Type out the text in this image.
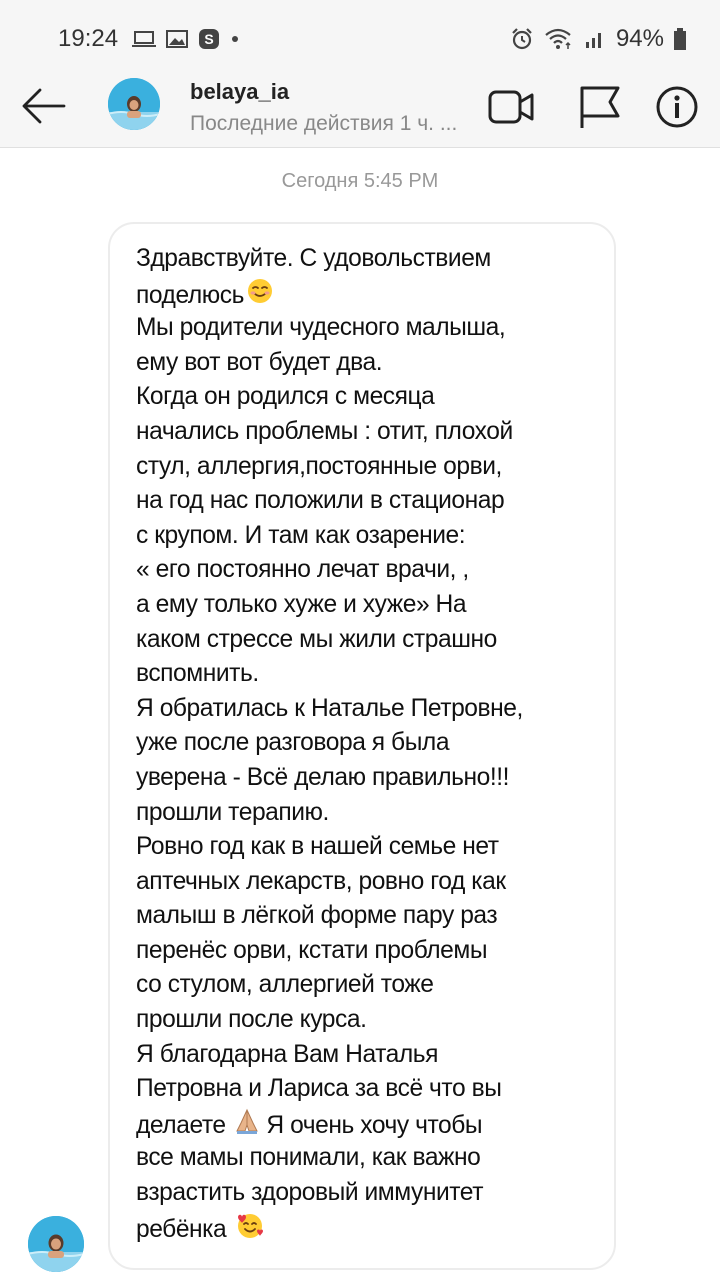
19:24	S	94%
belaya_ia
Последние действия 1 ч. ...
Сегодня 5:45 PM
Здравствуйте. С удовольствием
поделюсь
Мы родители чудесного малыша,
ему вот вот будет два.
Когда он родился с месяца
начались проблемы : отит, плохой
стул, аллергия,постоянные орви,
на год нас положили в стационар
с крупом. И там как озарение:
« его постоянно лечат врачи, ,
а ему только хуже и хуже» На
каком стрессе мы жили страшно
вспомнить.
Я обратилась к Наталье Петровне,
уже после разговора я была
уверена - Всё делаю правильно!!!
прошли терапию.
Ровно год как в нашей семье нет
аптечных лекарств, ровно год как
малыш в лёгкой форме пару раз
перенёс орви, кстати проблемы
со стулом, аллергией тоже
прошли после курса.
Я благодарна Вам Наталья
Петровна и Лариса за всё что вы
делаете  Я очень хочу чтобы
все мамы понимали, как важно
взрастить здоровый иммунитет
ребёнка
